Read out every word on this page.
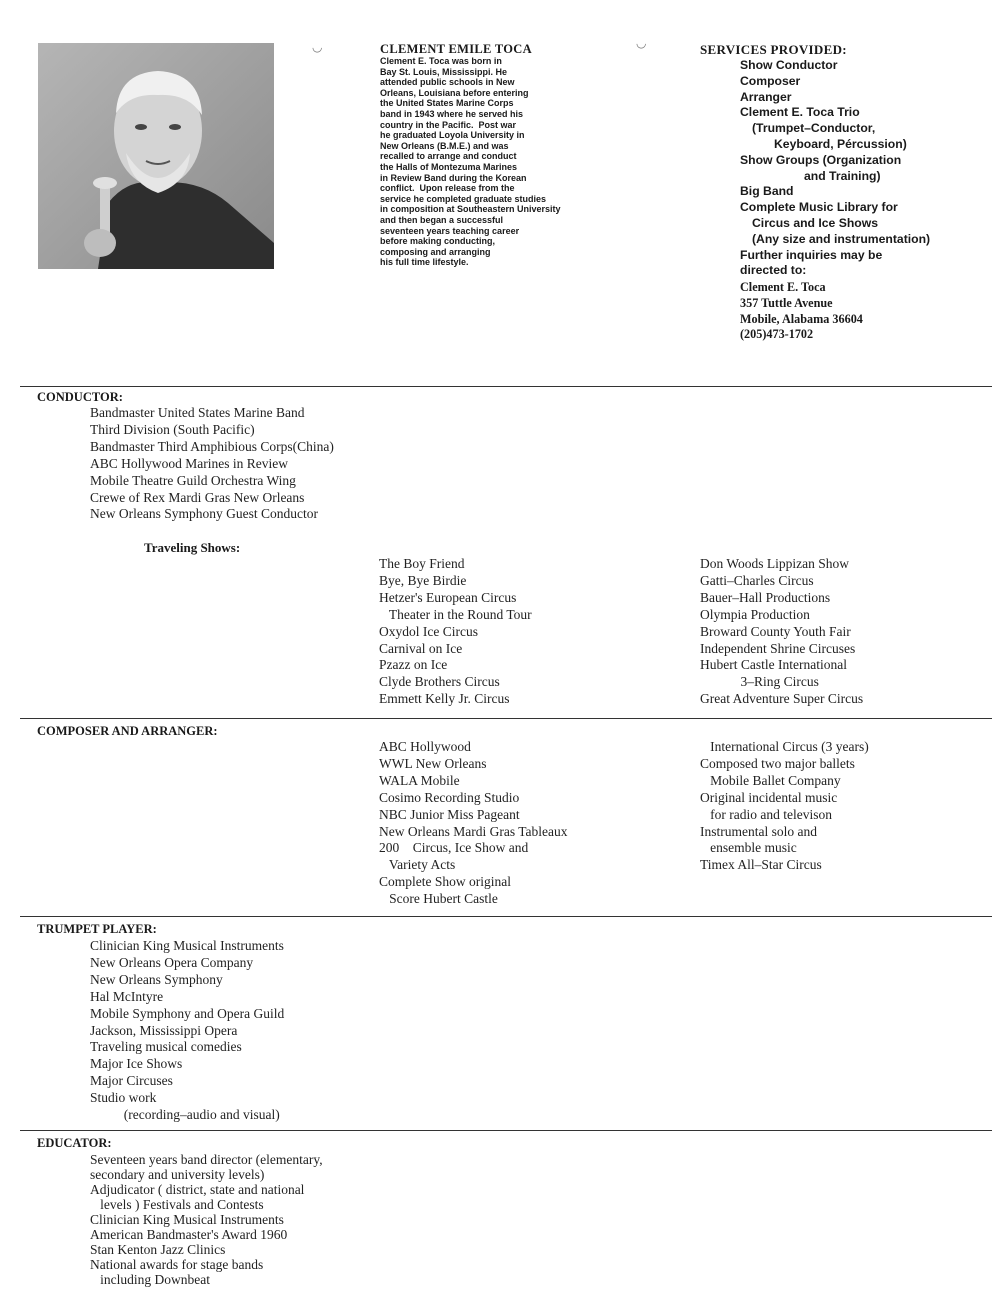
CLEMENT EMILE TOCA
Clement E. Toca was born in
Bay St. Louis, Mississippi. He
attended public schools in New
Orleans, Louisiana before entering
the United States Marine Corps
band in 1943 where he served his
country in the Pacific.  Post war
he graduated Loyola University in
New Orleans (B.M.E.) and was
recalled to arrange and conduct
the Halls of Montezuma Marines
in Review Band during the Korean
conflict.  Upon release from the
service he completed graduate studies
in composition at Southeastern University
and then began a successful
seventeen years teaching career
before making conducting,
composing and arranging
his full time lifestyle.
SERVICES PROVIDED:
Show Conductor
Composer
Arranger
Clement E. Toca Trio
(Trumpet–Conductor,
Keyboard, Pércussion)
Show Groups (Organization
and Training)
Big Band
Complete Music Library for
Circus and Ice Shows
(Any size and instrumentation)
Further inquiries may be
directed to:
Clement E. Toca
357 Tuttle Avenue
Mobile, Alabama 36604
(205)473-1702
CONDUCTOR:
Bandmaster United States Marine Band
Third Division (South Pacific)
Bandmaster Third Amphibious Corps(China)
ABC Hollywood Marines in Review
Mobile Theatre Guild Orchestra Wing
Crewe of Rex Mardi Gras New Orleans
New Orleans Symphony Guest Conductor
Traveling Shows:
The Boy Friend
Bye, Bye Birdie
Hetzer's European Circus
Theater in the Round Tour
Oxydol Ice Circus
Carnival on Ice
Pzazz on Ice
Clyde Brothers Circus
Emmett Kelly Jr. Circus
Don Woods Lippizan Show
Gatti–Charles Circus
Bauer–Hall Productions
Olympia Production
Broward County Youth Fair
Independent Shrine Circuses
Hubert Castle International
3–Ring Circus
Great Adventure Super Circus
COMPOSER AND ARRANGER:
ABC Hollywood
WWL New Orleans
WALA Mobile
Cosimo Recording Studio
NBC Junior Miss Pageant
New Orleans Mardi Gras Tableaux
200    Circus, Ice Show and
Variety Acts
Complete Show original
Score Hubert Castle
International Circus (3 years)
Composed two major ballets
Mobile Ballet Company
Original incidental music
for radio and televison
Instrumental solo and
ensemble music
Timex All–Star Circus
TRUMPET PLAYER:
Clinician King Musical Instruments
New Orleans Opera Company
New Orleans Symphony
Hal McIntyre
Mobile Symphony and Opera Guild
Jackson, Mississippi Opera
Traveling musical comedies
Major Ice Shows
Major Circuses
Studio work
(recording–audio and visual)
EDUCATOR:
Seventeen years band director (elementary,
secondary and university levels)
Adjudicator ( district, state and national
levels ) Festivals and Contests
Clinician King Musical Instruments
American Bandmaster's Award 1960
Stan Kenton Jazz Clinics
National awards for stage bands
including Downbeat
◡	◡
